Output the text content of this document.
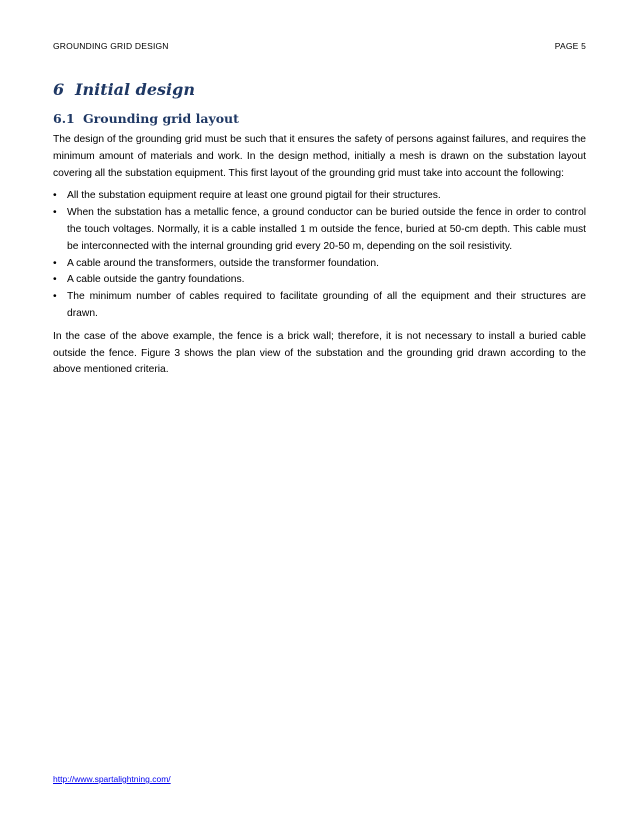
GROUNDING GRID DESIGN	PAGE 5
6 Initial design
6.1 Grounding grid layout

The design of the grounding grid must be such that it ensures the safety of persons against failures, and requires the minimum amount of materials and work. In the design method, initially a mesh is drawn on the substation layout covering all the substation equipment. This first layout of the grounding grid must take into account the following:

• All the substation equipment require at least one ground pigtail for their structures.
• When the substation has a metallic fence, a ground conductor can be buried outside the fence in order to control the touch voltages. Normally, it is a cable installed 1 m outside the fence, buried at 50-cm depth. This cable must be interconnected with the internal grounding grid every 20-50 m, depending on the soil resistivity.
• A cable around the transformers, outside the transformer foundation.
• A cable outside the gantry foundations.
• The minimum number of cables required to facilitate grounding of all the equipment and their structures are drawn.

In the case of the above example, the fence is a brick wall; therefore, it is not necessary to install a buried cable outside the fence. Figure 3 shows the plan view of the substation and the grounding grid drawn according to the above mentioned criteria.

http://www.spartalightning.com/
